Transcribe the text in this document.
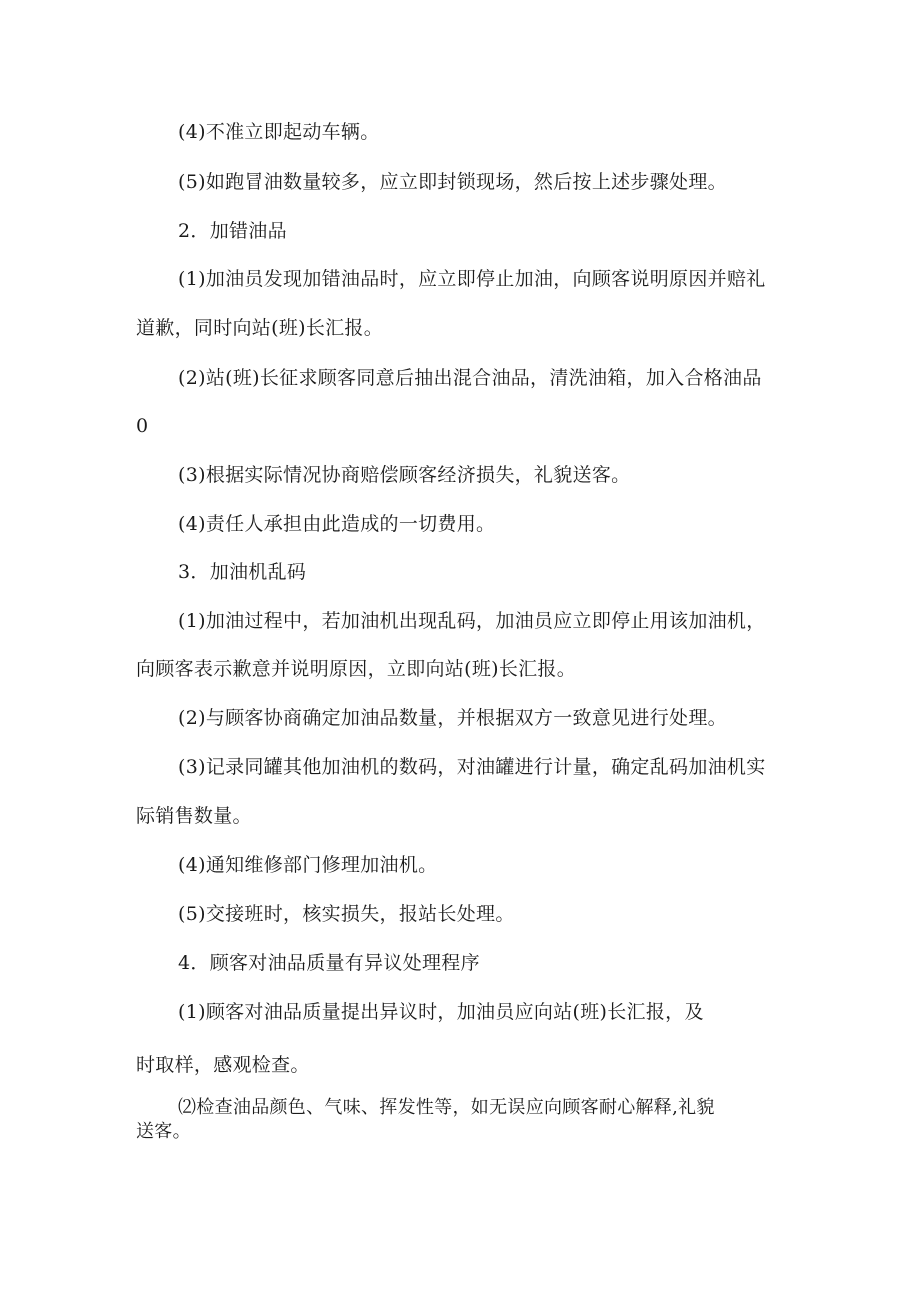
(4)不准立即起动车辆。
(5)如跑冒油数量较多，应立即封锁现场，然后按上述步骤处理。
2．加错油品
(1)加油员发现加错油品时，应立即停止加油，向顾客说明原因并赔礼
道歉，同时向站(班)长汇报。
(2)站(班)长征求顾客同意后抽出混合油品，清洗油箱，加入合格油品
0
(3)根据实际情况协商赔偿顾客经济损失，礼貌送客。
(4)责任人承担由此造成的一切费用。
3．加油机乱码
(1)加油过程中，若加油机出现乱码，加油员应立即停止用该加油机，
向顾客表示歉意并说明原因，立即向站(班)长汇报。
(2)与顾客协商确定加油品数量，并根据双方一致意见进行处理。
(3)记录同罐其他加油机的数码，对油罐进行计量，确定乱码加油机实
际销售数量。
(4)通知维修部门修理加油机。
(5)交接班时，核实损失，报站长处理。
4．顾客对油品质量有异议处理程序
(1)顾客对油品质量提出异议时，加油员应向站(班)长汇报，及
时取样，感观检查。
⑵检查油品颜色、气味、挥发性等，如无误应向顾客耐心解释,礼貌
送客。
